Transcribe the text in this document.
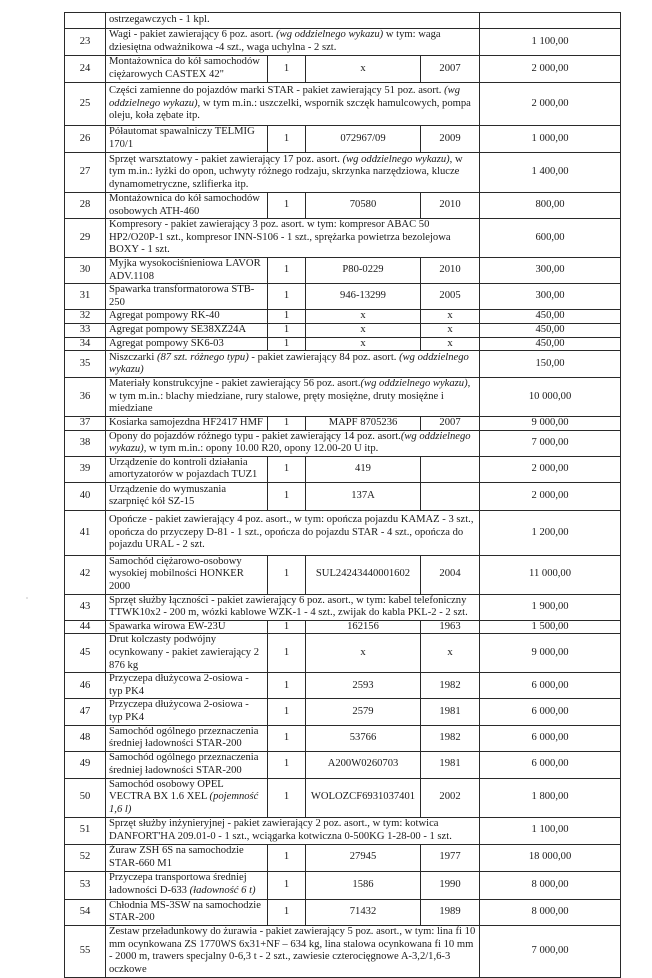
	ostrzegawczych - 1 kpl.				
23	Wagi - pakiet zawierający 6 poz. asort. (wg oddzielnego wykazu) w tym: waga dziesiętna odważnikowa -4 szt., waga uchylna - 2 szt.				1 100,00
24	Montażownica do kół samochodów ciężarowych CASTEX 42"	1	x	2007	2 000,00
25	Części zamienne do pojazdów marki STAR - pakiet zawierający 51 poz. asort. (wg oddzielnego wykazu), w tym m.in.: uszczelki, wspornik szczęk hamulcowych, pompa oleju, koła zębate itp.				2 000,00
26	Półautomat spawalniczy TELMIG 170/1	1	072967/09	2009	1 000,00
27	Sprzęt warsztatowy - pakiet zawierający 17 poz. asort. (wg oddzielnego wykazu), w tym m.in.: łyżki do opon, uchwyty różnego rodzaju, skrzynka narzędziowa, klucze dynamometryczne, szlifierka itp.				1 400,00
28	Montażownica do kół samochodów osobowych ATH-460	1	70580	2010	800,00
29	Kompresory - pakiet zawierający 3 poz. asort. w tym: kompresor ABAC 50 HP2/O20P-1 szt., kompresor INN-S106 - 1 szt., sprężarka powietrza bezolejowa BOXY - 1 szt.				600,00
30	Myjka wysokociśnieniowa LAVOR ADV.1108	1	P80-0229	2010	300,00
31	Spawarka transformatorowa STB-250	1	946-13299	2005	300,00
32	Agregat pompowy RK-40	1	x	x	450,00
33	Agregat pompowy SE38XZ24A	1	x	x	450,00
34	Agregat pompowy SK6-03	1	x	x	450,00
35	Niszczarki (87 szt. różnego typu) - pakiet zawierający 84 poz. asort. (wg oddzielnego wykazu)				150,00
36	Materiały konstrukcyjne - pakiet zawierający 56 poz. asort.(wg oddzielnego wykazu), w tym m.in.: blachy miedziane, rury stalowe, pręty mosiężne, druty mosiężne i miedziane				10 000,00
37	Kosiarka samojezdna HF2417 HMF	1	MAPF 8705236	2007	9 000,00
38	Opony do pojazdów różnego typu - pakiet zawierający 14 poz. asort.(wg oddzielnego wykazu), w tym m.in.: opony 10.00 R20, opony 12.00-20 U itp.				7 000,00
39	Urządzenie do kontroli działania amortyzatorów w pojazdach TUZ1	1	419		2 000,00
40	Urządzenie do wymuszania szarpnięć kół SZ-15	1	137A		2 000,00
41	Opończe - pakiet zawierający 4 poz. asort., w tym: opończa pojazdu KAMAZ - 3 szt., opończa do przyczepy D-81 - 1 szt., opończa do pojazdu STAR - 4 szt., opończa do pojazdu URAL - 2 szt.				1 200,00
42	Samochód ciężarowo-osobowy wysokiej mobilności HONKER 2000	1	SUL24243440001602	2004	11 000,00
43	Sprzęt służby łączności - pakiet zawierający 6 poz. asort., w tym: kabel telefoniczny TTWK10x2 - 200 m, wózki kablowe WZK-1 - 4 szt., zwijak do kabla PKL-2 - 2 szt.				1 900,00
44	Spawarka wirowa EW-23U	1	162156	1963	1 500,00
45	Drut kolczasty podwójny ocynkowany - pakiet zawierający 2 876 kg	1	x	x	9 000,00
46	Przyczepa dłużycowa 2-osiowa - typ PK4	1	2593	1982	6 000,00
47	Przyczepa dłużycowa 2-osiowa - typ PK4	1	2579	1981	6 000,00
48	Samochód ogólnego przeznaczenia średniej ładowności STAR-200	1	53766	1982	6 000,00
49	Samochód ogólnego przeznaczenia średniej ładowności STAR-200	1	A200W0260703	1981	6 000,00
50	Samochód osobowy OPEL VECTRA BX 1.6 XEL (pojemność 1,6 l)	1	WOLOZCF6931037401	2002	1 800,00
51	Sprzęt służby inżynieryjnej - pakiet zawierający 2 poz. asort., w tym: kotwica DANFORT'HA 209.01-0 - 1 szt., wciągarka kotwiczna 0-500KG 1-28-00 - 1 szt.				1 100,00
52	Żuraw ZSH 6S na samochodzie STAR-660 M1	1	27945	1977	18 000,00
53	Przyczepa transportowa średniej ładowności D-633 (ładowność 6 t)	1	1586	1990	8 000,00
54	Chłodnia MS-3SW na samochodzie STAR-200	1	71432	1989	8 000,00
55	Zestaw przeładunkowy do żurawia - pakiet zawierający 5 poz. asort., w tym: lina fi 10 mm ocynkowana ZS 1770WS 6x31+NF – 634 kg, lina stalowa ocynkowana fi 10 mm - 2000 m, trawers specjalny 0-6,3 t - 2 szt., zawiesie czterocięgnowe A-3,2/1,6-3 oczkowe				7 000,00
